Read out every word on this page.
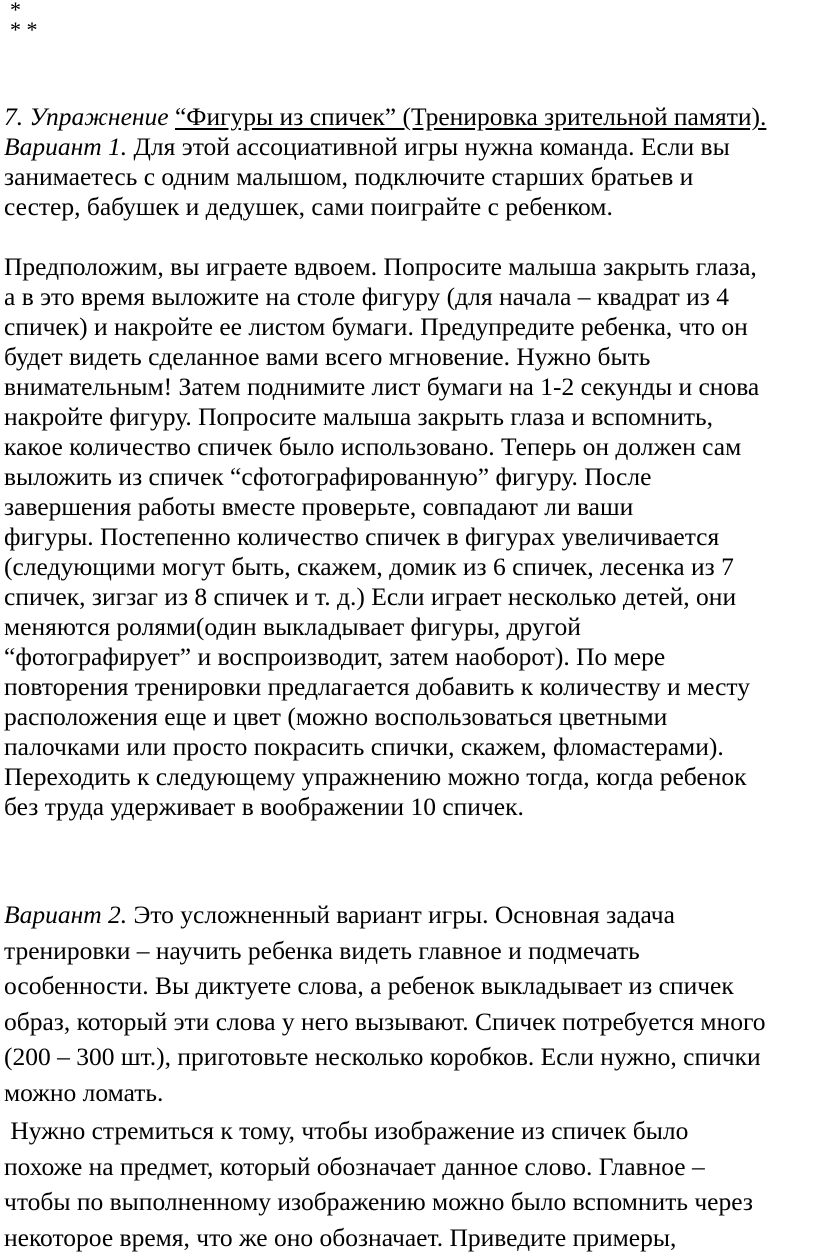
*
* *

7. Упражнение “Фигуры из спичек” (Тренировка зрительной памяти).
Вариант 1. Для этой ассоциативной игры нужна команда. Если вы
занимаетесь с одним малышом, подключите старших братьев и
сестер, бабушек и дедушек, сами поиграйте с ребенком.

Предположим, вы играете вдвоем. Попросите малыша закрыть глаза,
а в это время выложите на столе фигуру (для начала – квадрат из 4
спичек) и накройте ее листом бумаги. Предупредите ребенка, что он
будет видеть сделанное вами всего мгновение. Нужно быть
внимательным! Затем поднимите лист бумаги на 1-2 секунды и снова
накройте фигуру. Попросите малыша закрыть глаза и вспомнить,
какое количество спичек было использовано. Теперь он должен сам
выложить из спичек “сфотографированную” фигуру. После
завершения работы вместе проверьте, совпадают ли ваши
фигуры. Постепенно количество спичек в фигурах увеличивается
(следующими могут быть, скажем, домик из 6 спичек, лесенка из 7
спичек, зигзаг из 8 спичек и т. д.) Если играет несколько детей, они
меняются ролями(один выкладывает фигуры, другой
“фотографирует” и воспроизводит, затем наоборот). По мере
повторения тренировки предлагается добавить к количеству и месту
расположения еще и цвет (можно воспользоваться цветными
палочками или просто покрасить спички, скажем, фломастерами).
Переходить к следующему упражнению можно тогда, когда ребенок
без труда удерживает в воображении 10 спичек.

Вариант 2. Это усложненный вариант игры. Основная задача
тренировки – научить ребенка видеть главное и подмечать
особенности. Вы диктуете слова, а ребенок выкладывает из спичек
образ, который эти слова у него вызывают. Спичек потребуется много
(200 – 300 шт.), приготовьте несколько коробков. Если нужно, спички
можно ломать.

Нужно стремиться к тому, чтобы изображение из спичек было
похоже на предмет, который обозначает данное слово. Главное –
чтобы по выполненному изображению можно было вспомнить через
некоторое время, что же оно обозначает. Приведите примеры,
